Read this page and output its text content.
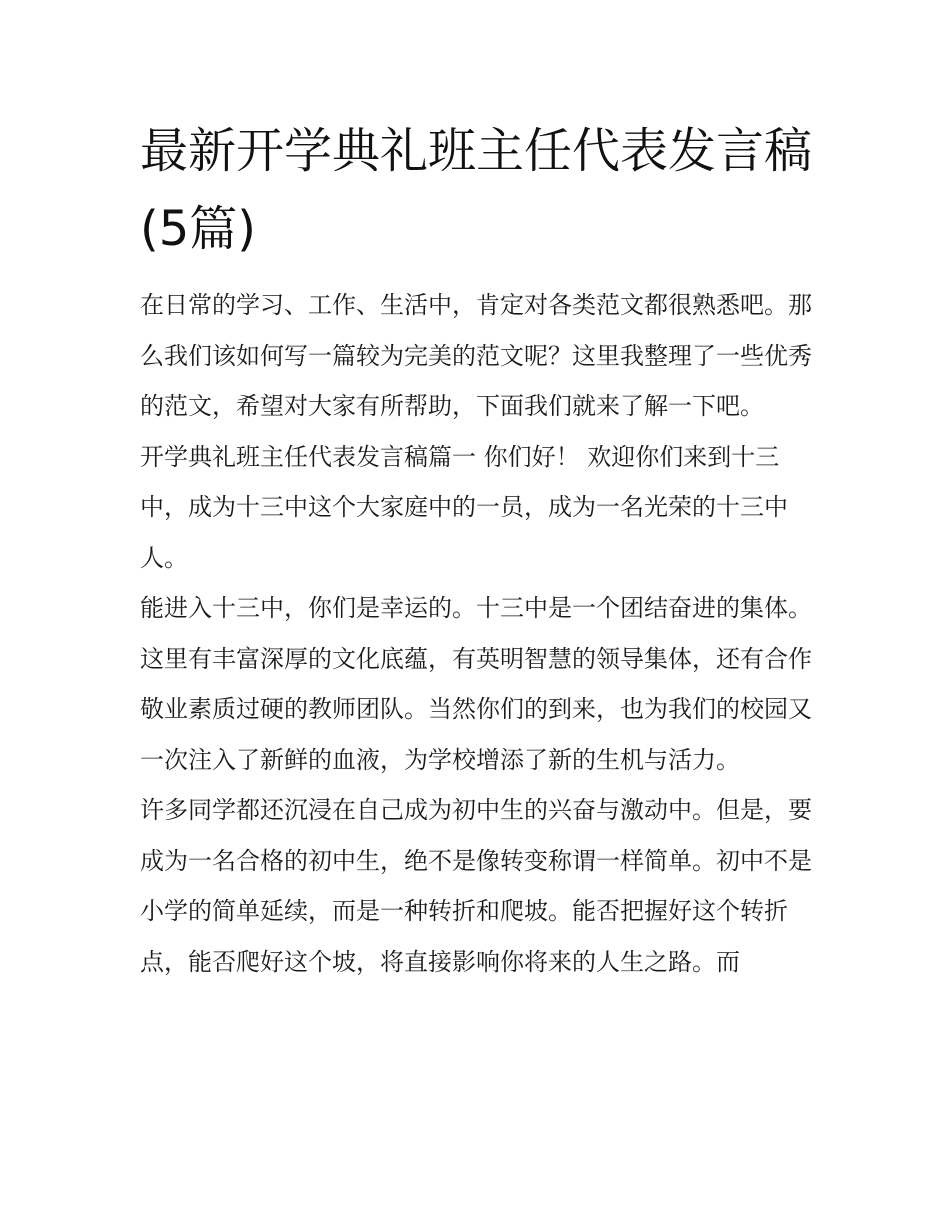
最新开学典礼班主任代表发言稿(5篇)

在日常的学习、工作、生活中，肯定对各类范文都很熟悉吧。那么我们该如何写一篇较为完美的范文呢？这里我整理了一些优秀的范文，希望对大家有所帮助，下面我们就来了解一下吧。

开学典礼班主任代表发言稿篇一 你们好！ 欢迎你们来到十三中，成为十三中这个大家庭中的一员，成为一名光荣的十三中人。

能进入十三中，你们是幸运的。十三中是一个团结奋进的集体。这里有丰富深厚的文化底蕴，有英明智慧的领导集体，还有合作敬业素质过硬的教师团队。当然你们的到来，也为我们的校园又一次注入了新鲜的血液，为学校增添了新的生机与活力。

许多同学都还沉浸在自己成为初中生的兴奋与激动中。但是，要成为一名合格的初中生，绝不是像转变称谓一样简单。初中不是小学的简单延续，而是一种转折和爬坡。能否把握好这个转折点，能否爬好这个坡，将直接影响你将来的人生之路。而
